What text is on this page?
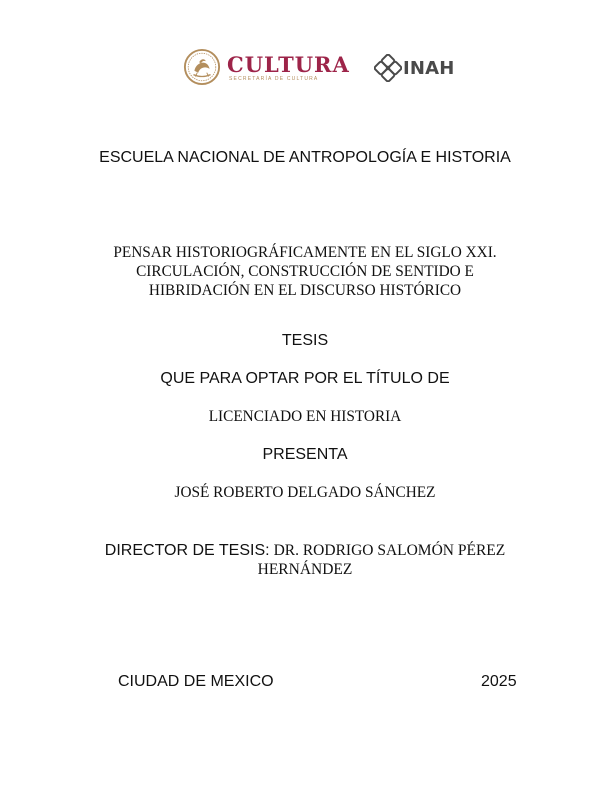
CULTURA
SECRETARÍA DE CULTURA	INAH
ESCUELA NACIONAL DE ANTROPOLOGÍA E HISTORIA
PENSAR HISTORIOGRÁFICAMENTE EN EL SIGLO XXI.
CIRCULACIÓN, CONSTRUCCIÓN DE SENTIDO E
HIBRIDACIÓN EN EL DISCURSO HISTÓRICO
TESIS
QUE PARA OPTAR POR EL TÍTULO DE
LICENCIADO EN HISTORIA
PRESENTA
JOSÉ ROBERTO DELGADO SÁNCHEZ
DIRECTOR DE TESIS: DR. RODRIGO SALOMÓN PÉREZ
HERNÁNDEZ
CIUDAD DE MEXICO	2025
